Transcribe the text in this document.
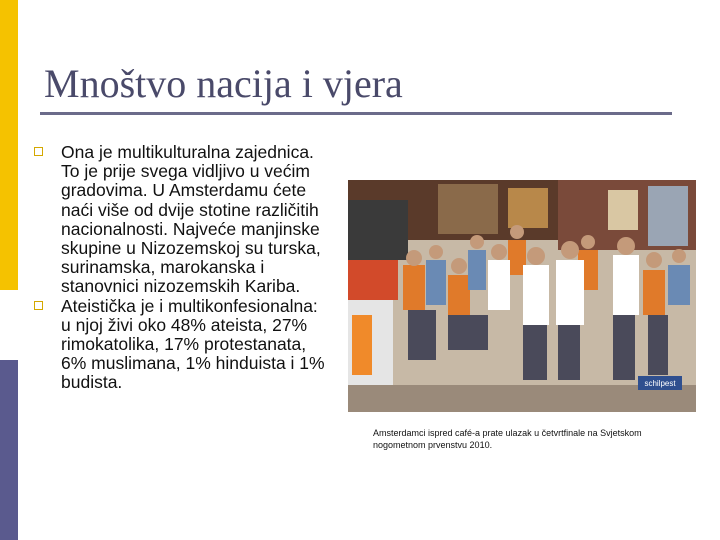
Mnoštvo nacija i vjera
Ona je multikulturalna zajednica. To je prije svega vidljivo u većim gradovima. U Amsterdamu ćete naći više od dvije stotine različitih nacionalnosti. Najveće manjinske skupine u Nizozemskoj su turska, surinamska, marokanska i stanovnici nizozemskih Kariba.
Ateistička je i multikonfesionalna: u njoj živi oko 48% ateista, 27% rimokatolika, 17% protestanata, 6% muslimana, 1% hinduista i 1% budista.	schilpest
Amsterdamci ispred café-a prate ulazak u četvrtfinale na Svjetskom nogometnom prvenstvu 2010.
